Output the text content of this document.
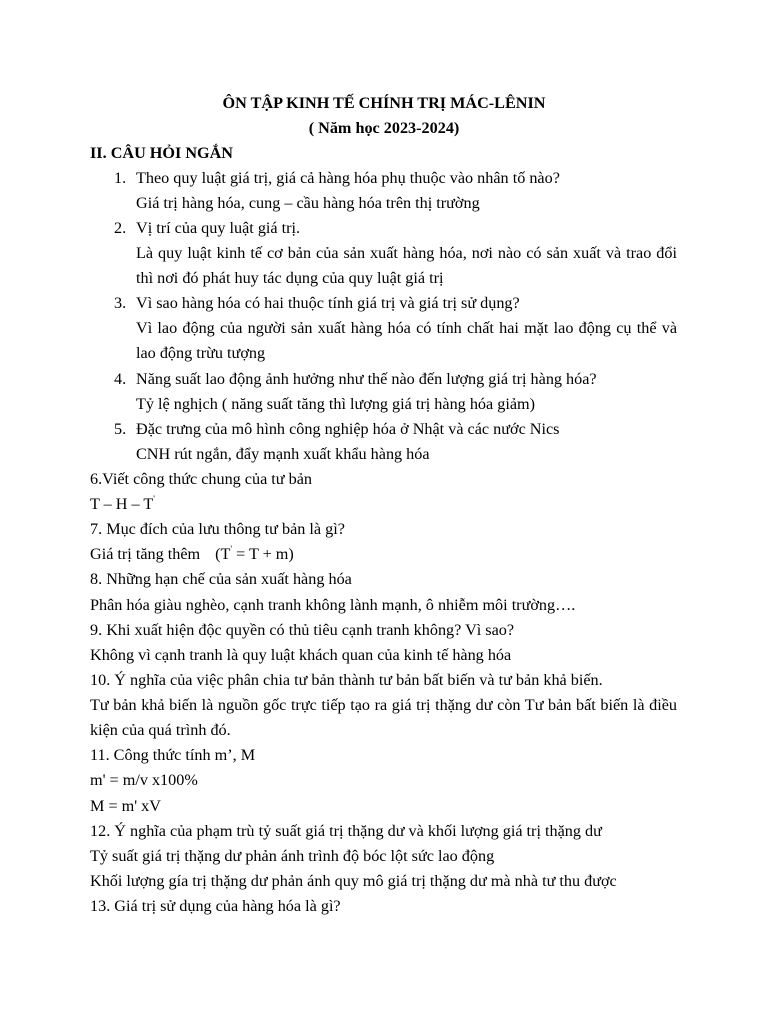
ÔN TẬP KINH TẾ CHÍNH TRỊ MÁC-LÊNIN
( Năm học 2023-2024)
II. CÂU HỎI NGẮN
1. Theo quy luật giá trị, giá cả hàng hóa phụ thuộc vào nhân tố nào?
Giá trị hàng hóa, cung – cầu hàng hóa trên thị trường
2. Vị trí của quy luật giá trị.
Là quy luật kinh tế cơ bản của sản xuất hàng hóa, nơi nào có sản xuất và trao đổi
thì nơi đó phát huy tác dụng của quy luật giá trị
3. Vì sao hàng hóa có hai thuộc tính giá trị và giá trị sử dụng?
Vì lao động của người sản xuất hàng hóa có tính chất hai mặt lao động cụ thể và
lao động trừu tượng
4. Năng suất lao động ảnh hưởng như thế nào đến lượng giá trị hàng hóa?
Tỷ lệ nghịch ( năng suất tăng thì lượng giá trị hàng hóa giảm)
5. Đặc trưng của mô hình công nghiệp hóa ở Nhật và các nước Nics
CNH rút ngắn, đẩy mạnh xuất khẩu hàng hóa
6.Viết công thức chung của tư bản
T – H – T'
7. Mục đích của lưu thông tư bản là gì?
Giá trị tăng thêm (T' = T + m)
8. Những hạn chế của sản xuất hàng hóa
Phân hóa giàu nghèo, cạnh tranh không lành mạnh, ô nhiễm môi trường….
9. Khi xuất hiện độc quyền có thủ tiêu cạnh tranh không? Vì sao?
Không vì cạnh tranh là quy luật khách quan của kinh tế hàng hóa
10. Ý nghĩa của việc phân chia tư bản thành tư bản bất biến và tư bản khả biến.
Tư bản khả biến là nguồn gốc trực tiếp tạo ra giá trị thặng dư còn Tư bản bất biến là điều
kiện của quá trình đó.
11. Công thức tính m’, M
m' = m/v x100%
M = m' xV
12. Ý nghĩa của phạm trù tỷ suất giá trị thặng dư và khối lượng giá trị thặng dư
Tỷ suất giá trị thặng dư phản ánh trình độ bóc lột sức lao động
Khối lượng gía trị thặng dư phản ánh quy mô giá trị thặng dư mà nhà tư thu được
13. Giá trị sử dụng của hàng hóa là gì?
